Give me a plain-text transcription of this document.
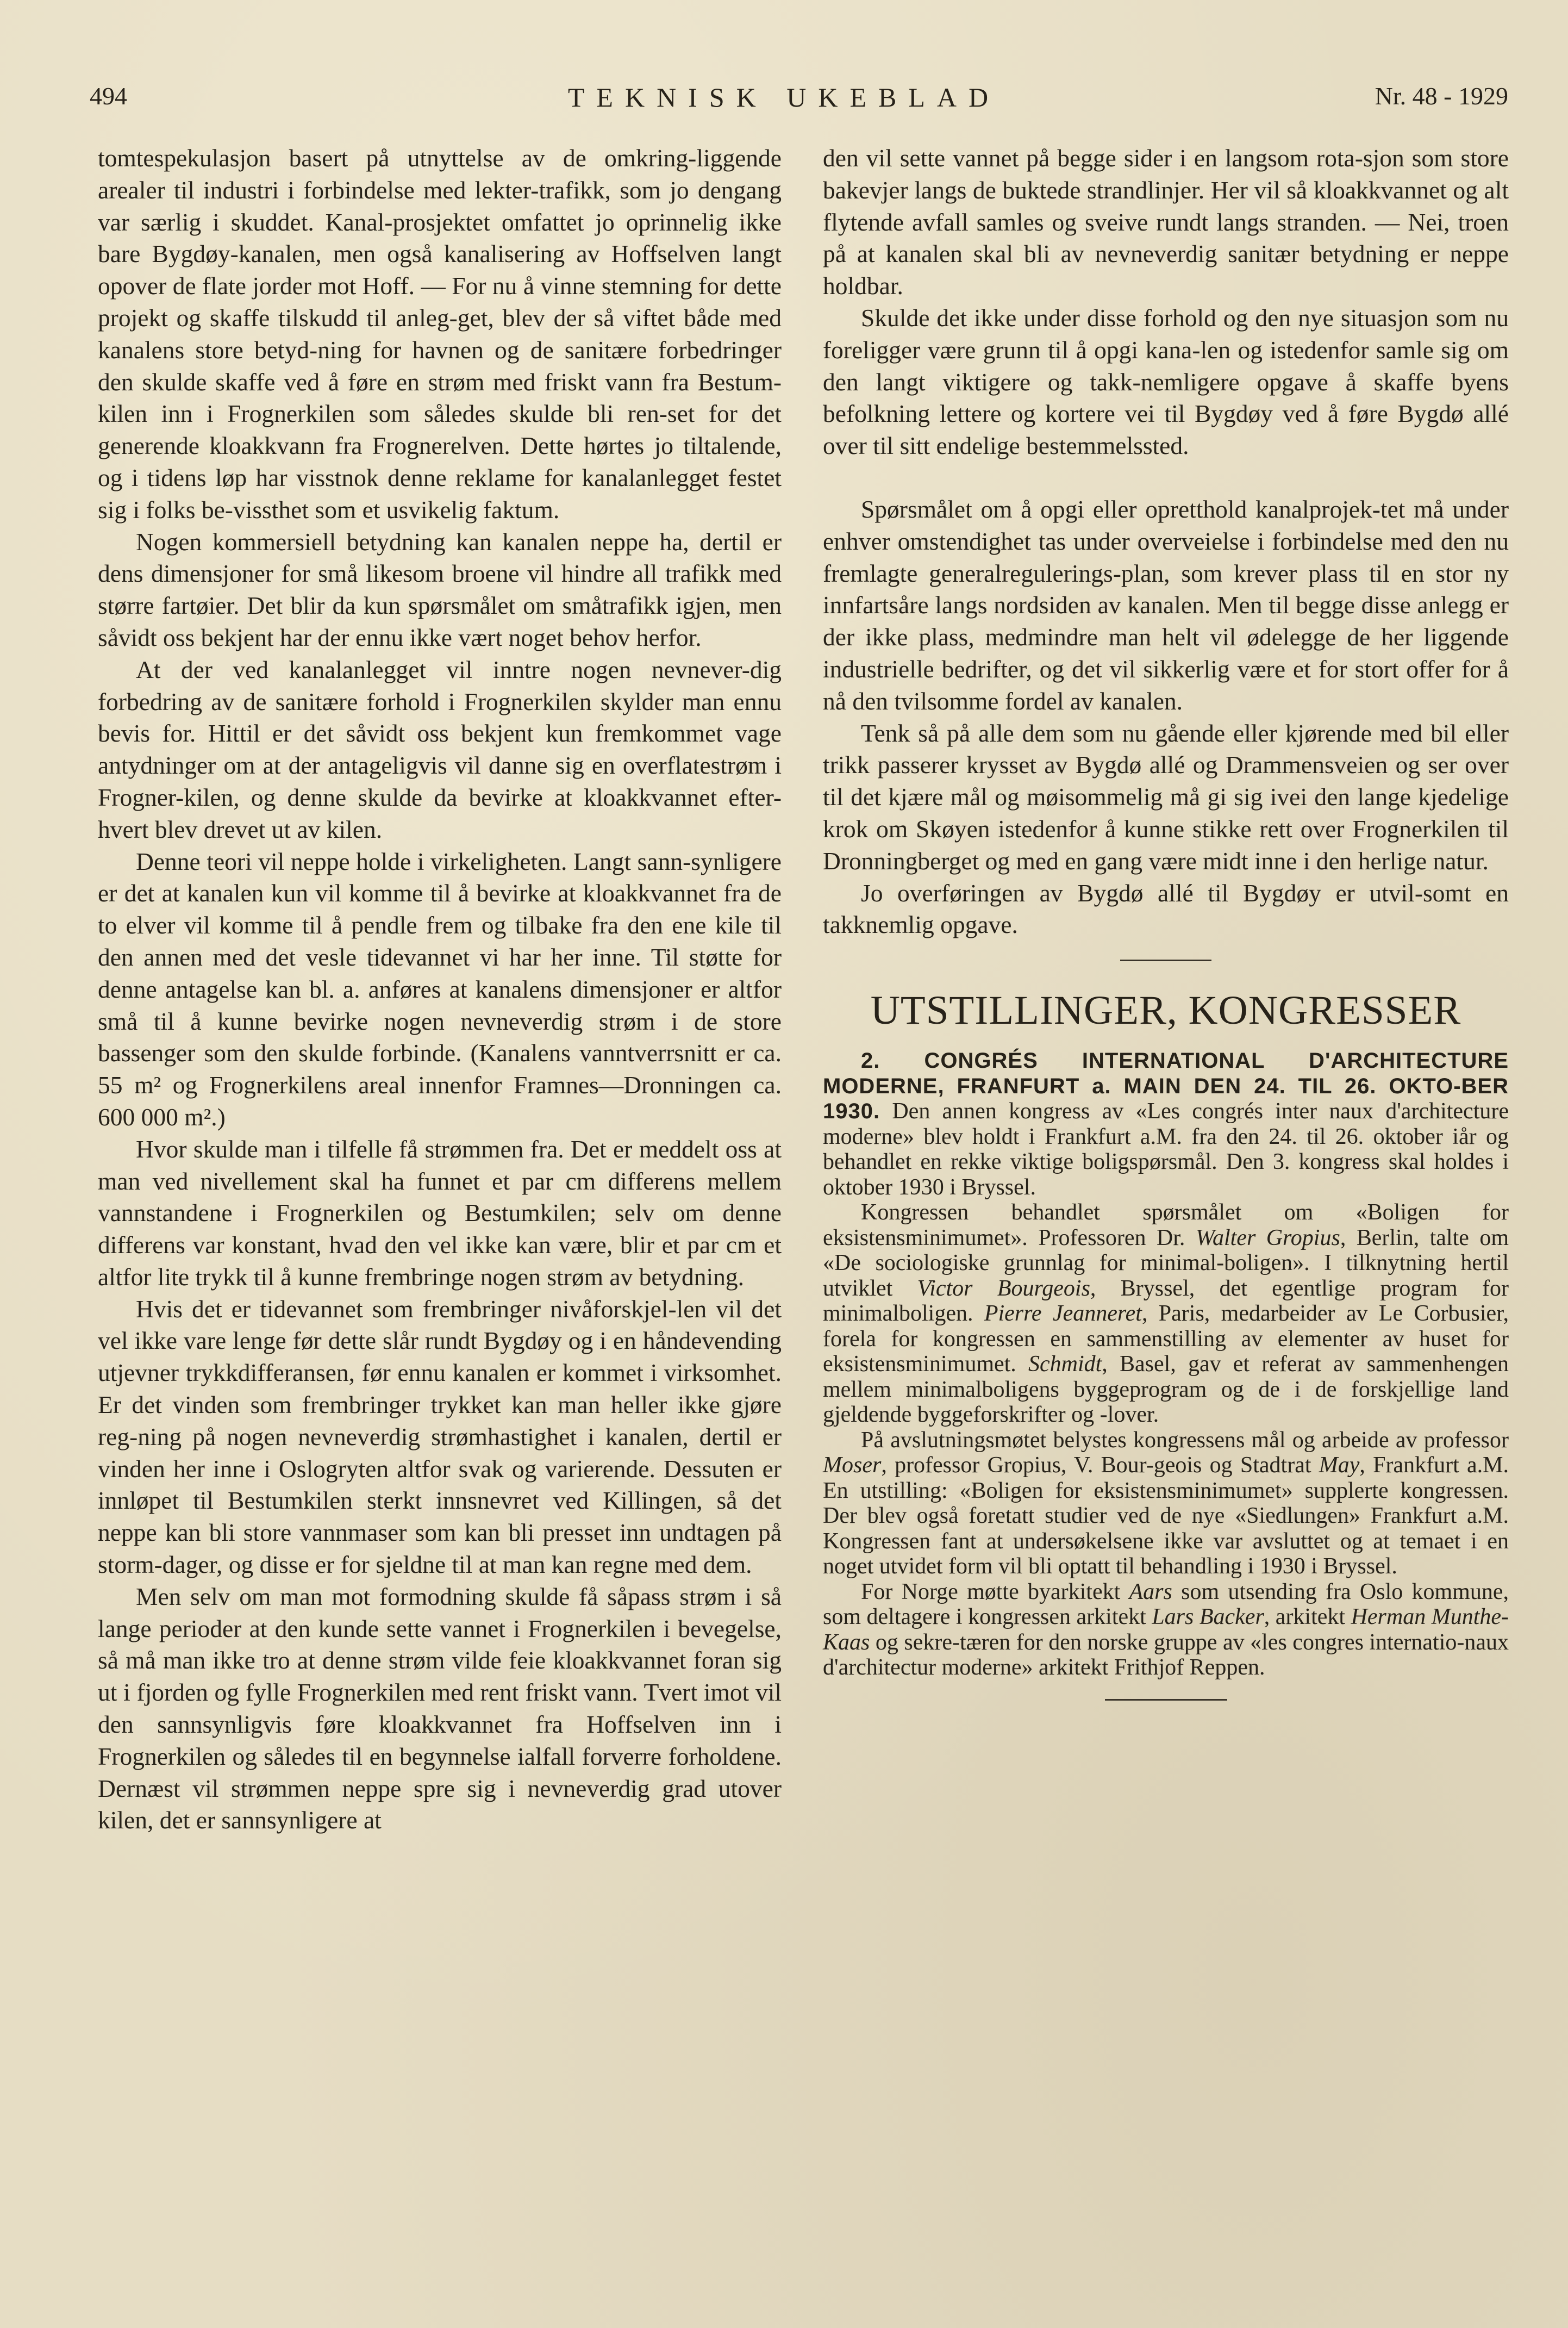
494	TEKNISK UKEBLAD	Nr. 48 - 1929

tomtespekulasjon basert på utnyttelse av de omkring-liggende arealer til industri i forbindelse med lekter-trafikk, som jo dengang var særlig i skuddet. Kanal-prosjektet omfattet jo oprinnelig ikke bare Bygdøy-kanalen, men også kanalisering av Hoffselven langt opover de flate jorder mot Hoff. — For nu å vinne stemning for dette projekt og skaffe tilskudd til anleg-get, blev der så viftet både med kanalens store betyd-ning for havnen og de sanitære forbedringer den skulde skaffe ved å føre en strøm med friskt vann fra Bestum-kilen inn i Frognerkilen som således skulde bli ren-set for det generende kloakkvann fra Frognerelven. Dette hørtes jo tiltalende, og i tidens løp har visstnok denne reklame for kanalanlegget festet sig i folks be-vissthet som et usvikelig faktum.

Nogen kommersiell betydning kan kanalen neppe ha, dertil er dens dimensjoner for små likesom broene vil hindre all trafikk med større fartøier. Det blir da kun spørsmålet om småtrafikk igjen, men såvidt oss bekjent har der ennu ikke vært noget behov herfor.

At der ved kanalanlegget vil inntre nogen nevnever-dig forbedring av de sanitære forhold i Frognerkilen skylder man ennu bevis for. Hittil er det såvidt oss bekjent kun fremkommet vage antydninger om at der antageligvis vil danne sig en overflatestrøm i Frogner-kilen, og denne skulde da bevirke at kloakkvannet efter-hvert blev drevet ut av kilen.

Denne teori vil neppe holde i virkeligheten. Langt sann-synligere er det at kanalen kun vil komme til å bevirke at kloakkvannet fra de to elver vil komme til å pendle frem og tilbake fra den ene kile til den annen med det vesle tidevannet vi har her inne. Til støtte for denne antagelse kan bl. a. anføres at kanalens dimensjoner er altfor små til å kunne bevirke nogen nevneverdig strøm i de store bassenger som den skulde forbinde. (Kanalens vanntverrsnitt er ca. 55 m² og Frognerkilens areal innenfor Framnes—Dronningen ca. 600 000 m².)

Hvor skulde man i tilfelle få strømmen fra. Det er meddelt oss at man ved nivellement skal ha funnet et par cm differens mellem vannstandene i Frognerkilen og Bestumkilen; selv om denne differens var konstant, hvad den vel ikke kan være, blir et par cm et altfor lite trykk til å kunne frembringe nogen strøm av betydning.

Hvis det er tidevannet som frembringer nivåforskjel-len vil det vel ikke vare lenge før dette slår rundt Bygdøy og i en håndevending utjevner trykkdifferansen, før ennu kanalen er kommet i virksomhet. Er det vinden som frembringer trykket kan man heller ikke gjøre reg-ning på nogen nevneverdig strømhastighet i kanalen, dertil er vinden her inne i Oslogryten altfor svak og varierende. Dessuten er innløpet til Bestumkilen sterkt innsnevret ved Killingen, så det neppe kan bli store vannmaser som kan bli presset inn undtagen på storm-dager, og disse er for sjeldne til at man kan regne med dem.

Men selv om man mot formodning skulde få såpass strøm i så lange perioder at den kunde sette vannet i Frognerkilen i bevegelse, så må man ikke tro at denne strøm vilde feie kloakkvannet foran sig ut i fjorden og fylle Frognerkilen med rent friskt vann. Tvert imot vil den sannsynligvis føre kloakkvannet fra Hoffselven inn i Frognerkilen og således til en begynnelse ialfall forverre forholdene. Dernæst vil strømmen neppe spre sig i nevneverdig grad utover kilen, det er sannsynligere at

den vil sette vannet på begge sider i en langsom rota-sjon som store bakevjer langs de buktede strandlinjer. Her vil så kloakkvannet og alt flytende avfall samles og sveive rundt langs stranden. — Nei, troen på at kanalen skal bli av nevneverdig sanitær betydning er neppe holdbar.

Skulde det ikke under disse forhold og den nye situasjon som nu foreligger være grunn til å opgi kana-len og istedenfor samle sig om den langt viktigere og takk-nemligere opgave å skaffe byens befolkning lettere og kortere vei til Bygdøy ved å føre Bygdø allé over til sitt endelige bestemmelssted.

Spørsmålet om å opgi eller opretthold kanalprojek-tet må under enhver omstendighet tas under overveielse i forbindelse med den nu fremlagte generalregulerings-plan, som krever plass til en stor ny innfartsåre langs nordsiden av kanalen. Men til begge disse anlegg er der ikke plass, medmindre man helt vil ødelegge de her liggende industrielle bedrifter, og det vil sikkerlig være et for stort offer for å nå den tvilsomme fordel av kanalen.

Tenk så på alle dem som nu gående eller kjørende med bil eller trikk passerer krysset av Bygdø allé og Drammensveien og ser over til det kjære mål og møisommelig må gi sig ivei den lange kjedelige krok om Skøyen istedenfor å kunne stikke rett over Frognerkilen til Dronningberget og med en gang være midt inne i den herlige natur.

Jo overføringen av Bygdø allé til Bygdøy er utvil-somt en takknemlig opgave.

UTSTILLINGER, KONGRESSER

2. CONGRÉS INTERNATIONAL D'ARCHITECTURE MODERNE, FRANFURT a. MAIN DEN 24. TIL 26. OKTO-BER 1930. Den annen kongress av «Les congrés inter naux d'architecture moderne» blev holdt i Frankfurt a.M. fra den 24. til 26. oktober iår og behandlet en rekke viktige boligspørsmål. Den 3. kongress skal holdes i oktober 1930 i Bryssel.

Kongressen behandlet spørsmålet om «Boligen for eksistensminimumet». Professoren Dr. Walter Gropius, Berlin, talte om «De sociologiske grunnlag for minimal-boligen». I tilknytning hertil utviklet Victor Bourgeois, Bryssel, det egentlige program for minimalboligen. Pierre Jeanneret, Paris, medarbeider av Le Corbusier, forela for kongressen en sammenstilling av elementer av huset for eksistensminimumet. Schmidt, Basel, gav et referat av sammenhengen mellem minimalboligens byggeprogram og de i de forskjellige land gjeldende byggeforskrifter og -lover.

På avslutningsmøtet belystes kongressens mål og arbeide av professor Moser, professor Gropius, V. Bour-geois og Stadtrat May, Frankfurt a.M. En utstilling: «Boligen for eksistensminimumet» supplerte kongressen. Der blev også foretatt studier ved de nye «Siedlungen» Frankfurt a.M. Kongressen fant at undersøkelsene ikke var avsluttet og at temaet i en noget utvidet form vil bli optatt til behandling i 1930 i Bryssel.

For Norge møtte byarkitekt Aars som utsending fra Oslo kommune, som deltagere i kongressen arkitekt Lars Backer, arkitekt Herman Munthe-Kaas og sekre-tæren for den norske gruppe av «les congres internatio-naux d'architectur moderne» arkitekt Frithjof Reppen.
